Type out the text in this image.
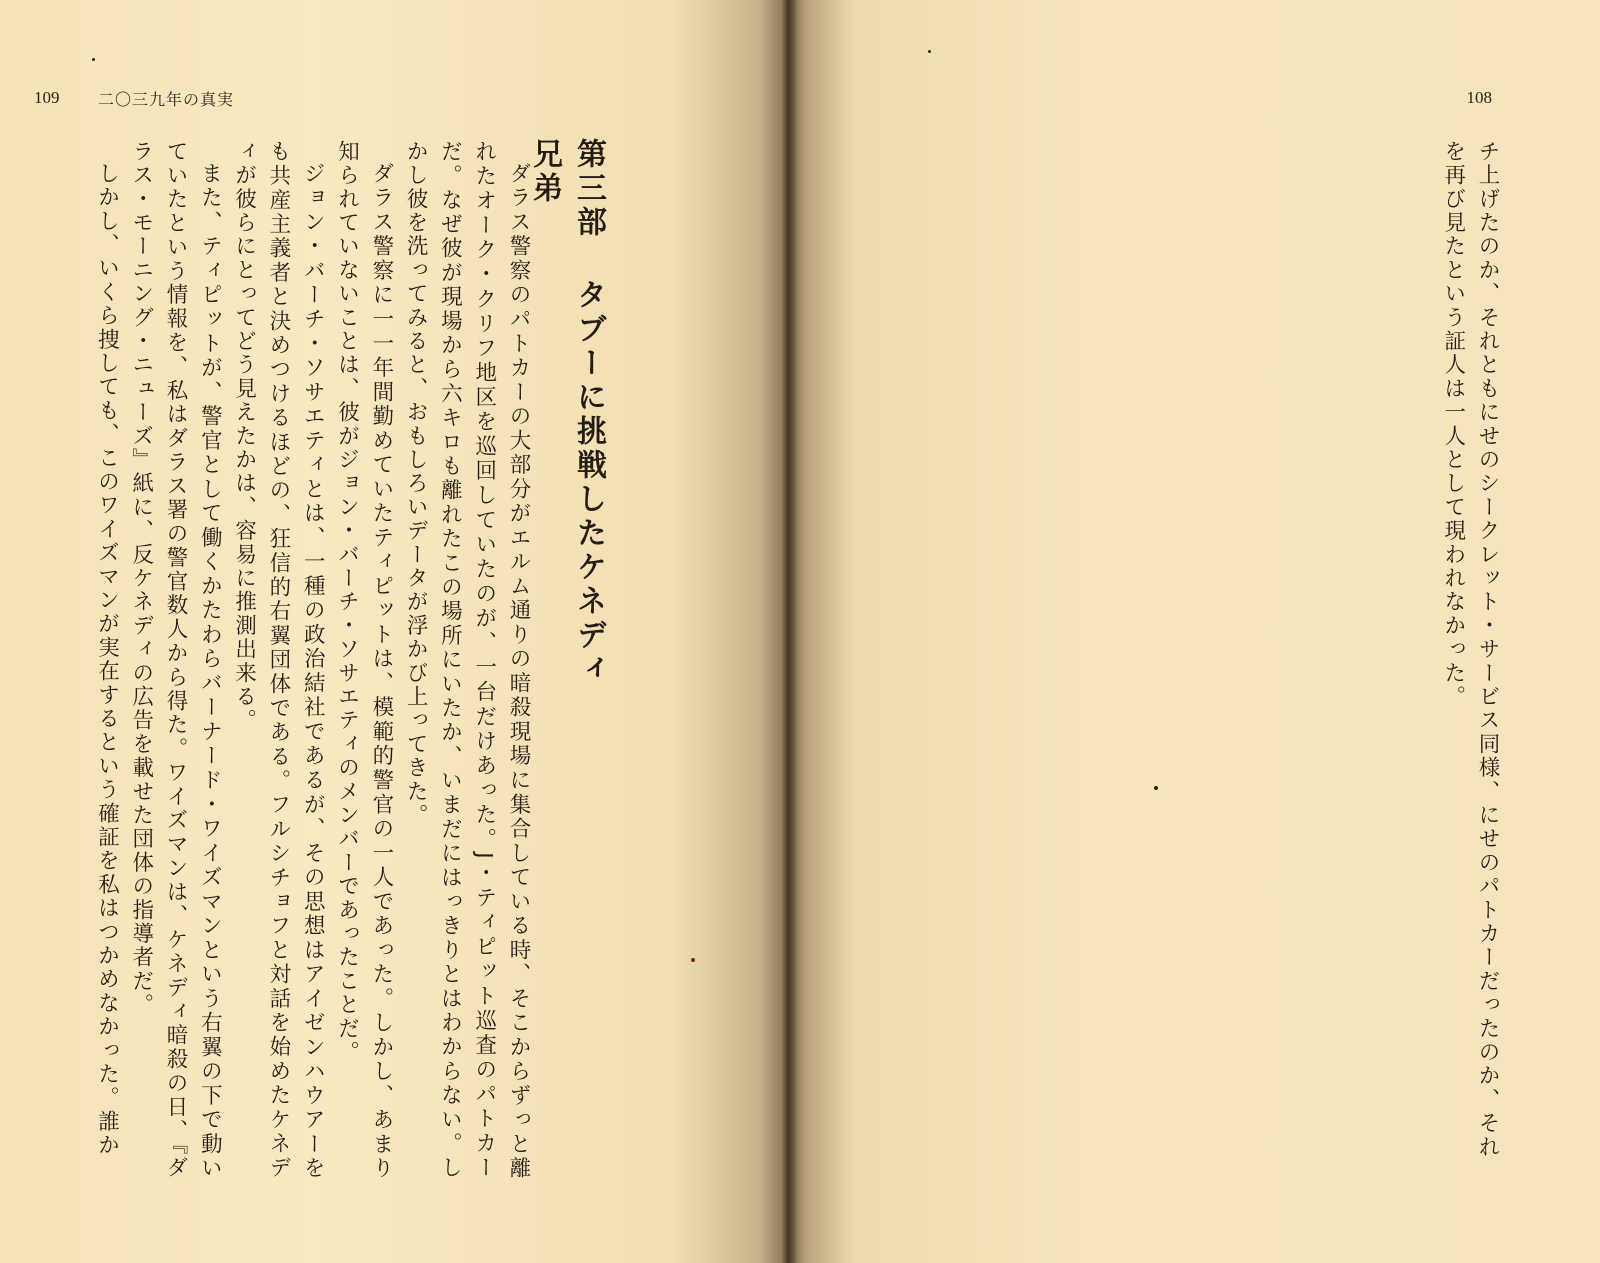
109 二〇三九年の真実
第三部タブーに挑戦したケネディ兄弟

ダラス警察のパトカーの大部分がエルム通りの暗殺現場に集合している時、そこからずっと離れたオーク・クリフ地区を巡回していたのが、一台だけあった。J・ティピット巡査のパトカーだ。なぜ彼が現場から六キロも離れたこの場所にいたか、いまだにはっきりとはわからない。しかし彼を洗ってみると、おもしろいデータが浮かび上ってきた。

ダラス警察に一一年間勤めていたティピットは、模範的警官の一人であった。しかし、あまり知られていないことは、彼がジョン・バーチ・ソサエティのメンバーであったことだ。

ジョン・バーチ・ソサエティとは、一種の政治結社であるが、その思想はアイゼンハウアーをも共産主義者と決めつけるほどの、狂信的右翼団体である。フルシチョフと対話を始めたケネディが彼らにとってどう見えたかは、容易に推測出来る。

また、ティピットが、警官として働くかたわらバーナード・ワイズマンという右翼の下で動いていたという情報を、私はダラス署の警官数人から得た。ワイズマンは、ケネディ暗殺の日、『ダラス・モーニング・ニューズ』紙に、反ケネディの広告を載せた団体の指導者だ。

しかし、いくら捜しても、このワイズマンが実在するという確証を私はつかめなかった。誰か

108

チ上げたのか、それともにせのシークレット・サービス同様、にせのパトカーだったのか、それ

を再び見たという証人は一人として現われなかった。
